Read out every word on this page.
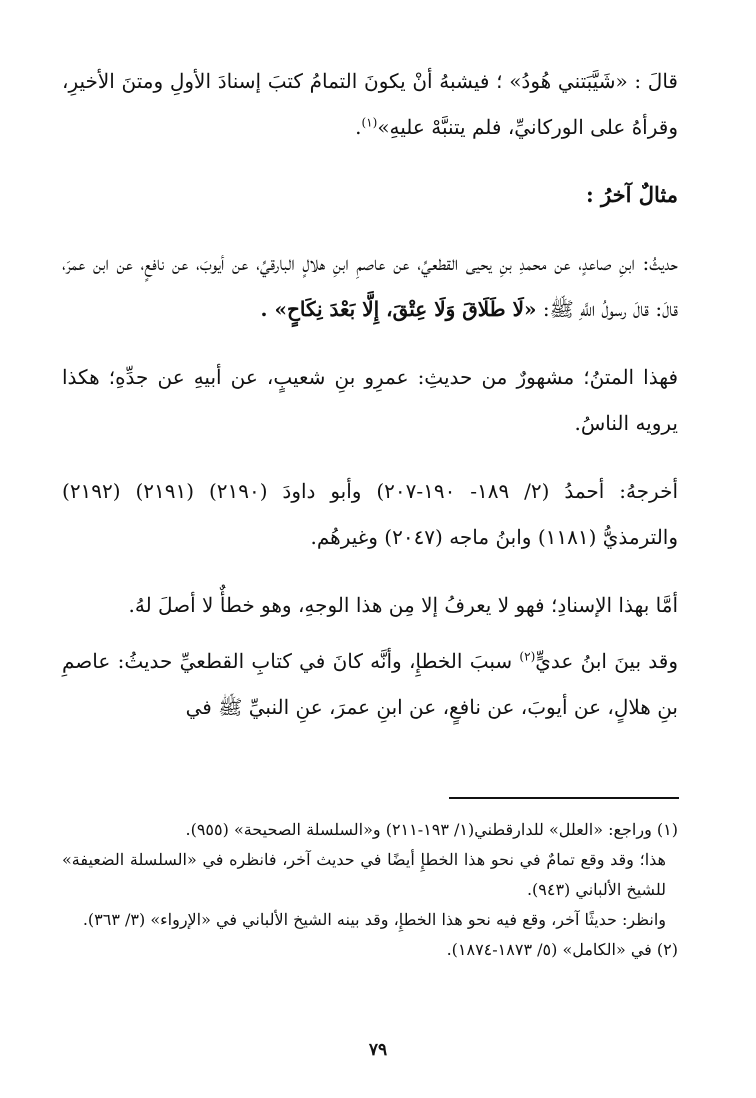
قالَ : «شَيَّبَتني هُودُ» ؛ فيشبهُ أنْ يكونَ التمامُ كتبَ إسنادَ الأولِ ومتنَ الأخيرِ، وقرأهُ على الوركانيِّ، فلم يتنبَّهْ عليهِ»$^{(١)}$.

مثالٌ آخرُ :

حديثُ: ابنِ صاعدٍ، عن محمدِ بنِ يحيى القطعيِّ، عن عاصمِ ابنِ هلالٍ البارقيِّ، عن أيوبَ، عن نافعٍ، عن ابن عمرَ، قالَ: قالَ رسولُ اللَّهِ ﷺ: «لَا طَلَاقَ وَلَا عِتْقَ، إِلَّا بَعْدَ نِكَاحٍ» .

فهذا المتنُ؛ مشهورٌ من حديثِ: عمرِو بنِ شعيبٍ، عن أبيهِ عن جدِّهِ؛ هكذا يرويه الناسُ.

أخرجهُ: أحمدُ (٢/ ١٨٩- ١٩٠-٢٠٧) وأبو داودَ (٢١٩٠) (٢١٩١) (٢١٩٢) والترمذيُّ (١١٨١) وابنُ ماجه (٢٠٤٧) وغيرهُم.

أمَّا بهذا الإسنادِ؛ فهو لا يعرفُ إلا مِن هذا الوجهِ، وهو خطأٌ لا أصلَ لهُ.

وقد بينَ ابنُ عديٍّ$^{(٢)}$ سببَ الخطإِ، وأنَّه كانَ في كتابِ القطعيِّ حديثُ: عاصمِ بنِ هلالٍ، عن أيوبَ، عن نافعٍ، عن ابنِ عمرَ، عنِ النبيِّ ﷺ في

(١) وراجع: «العلل» للدارقطني(١/ ١٩٣-٢١١) و«السلسلة الصحيحة» (٩٥٥).

هذا؛ وقد وقع تمامٌ في نحو هذا الخطإِ أيضًا في حديث آخر، فانظره في «السلسلة الضعيفة» للشيخ الألباني (٩٤٣).

وانظر: حديثًا آخر، وقع فيه نحو هذا الخطإِ، وقد بينه الشيخ الألباني في «الإرواء» (٣/ ٣٦٣).

(٢) في «الكامل» (٥/ ١٨٧٣-١٨٧٤).

٧٩
